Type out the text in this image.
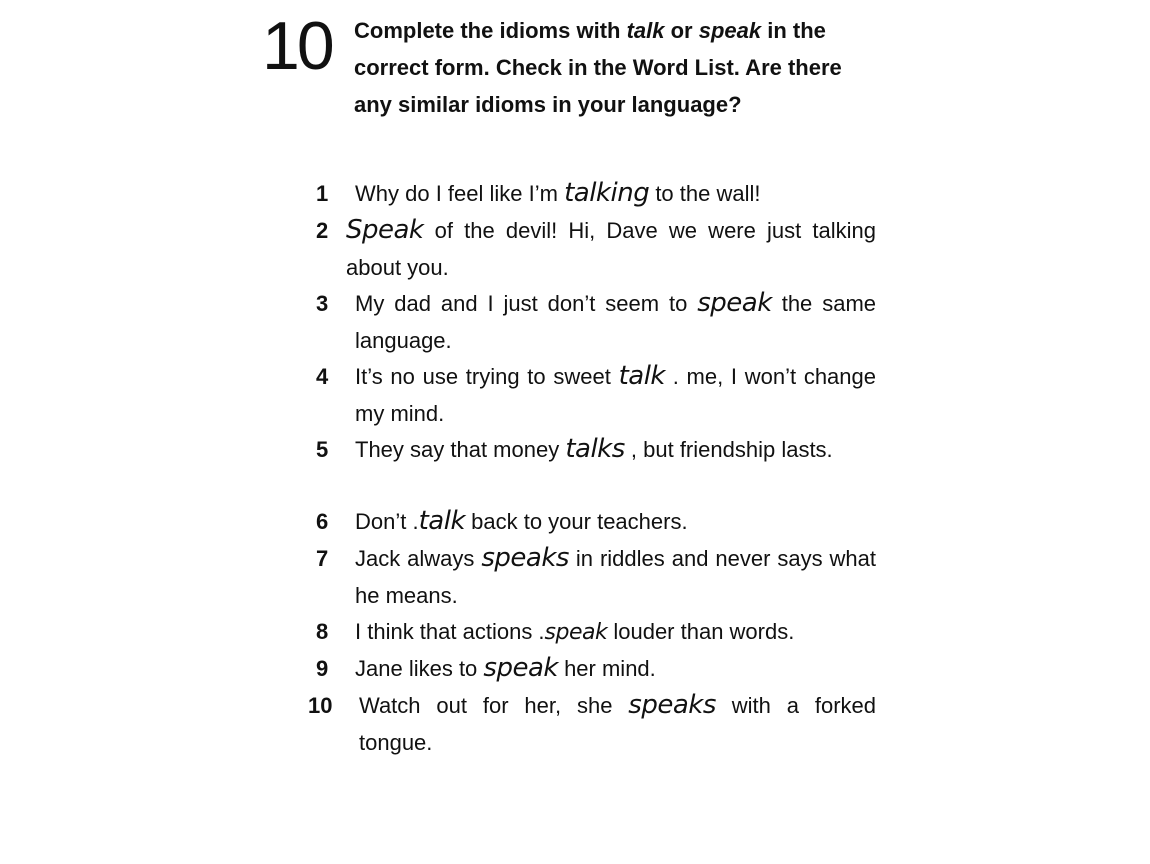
10 Complete the idioms with talk or speak in the correct form. Check in the Word List. Are there any similar idioms in your language?
1	Why do I feel like I’m talking to the wall!
2 Speak of the devil! Hi, Dave we were just talking about you.
3	My dad and I just don’t seem to speak the same language.
4	It’s no use trying to sweet talk . me, I won’t change my mind.
5	They say that money talks , but friendship lasts.
6	Don’t .talk back to your teachers.
7	Jack always speaks in riddles and never says what he means.
8	I think that actions .speak louder than words.
9	Jane likes to speak her mind.
10 Watch out for her, she speaks with a forked tongue.
